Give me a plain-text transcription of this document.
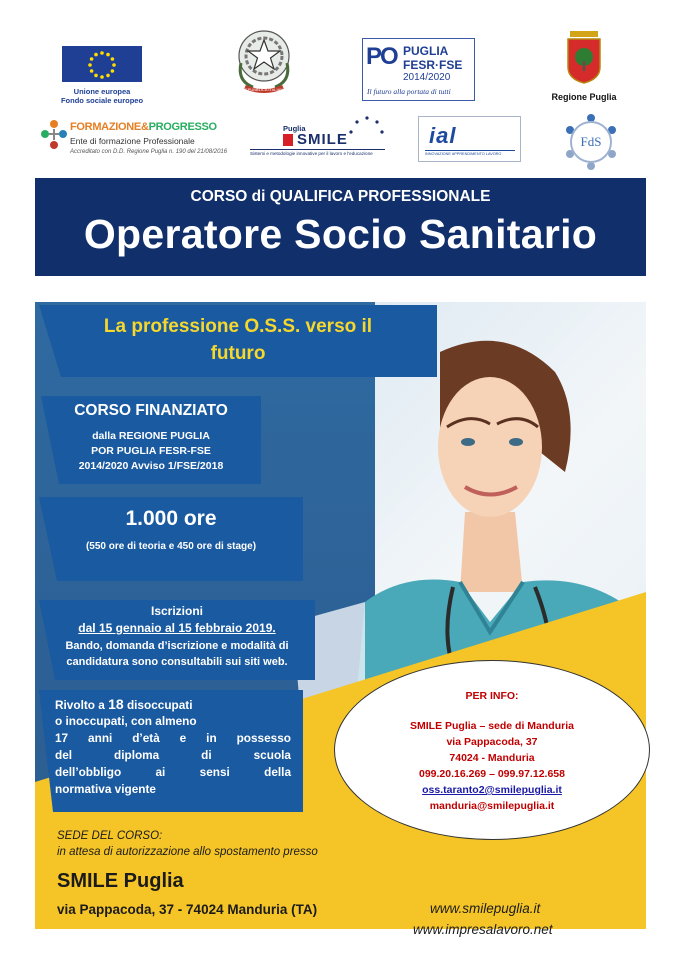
Unione europea
Fondo sociale europeo
REPUBBLICA ITALIANA
PO PUGLIA
FESR·FSE
2014/2020
Il futuro alla portata di tutti
Regione Puglia
FORMAZIONE&PROGRESSO
Ente di formazione Professionale
Accreditato con D.D. Regione Puglia n. 190 del 21/08/2016
Puglia
SMILE
Sistemi e metodologie innovative per il lavoro e l'educazione
ial
INNOVAZIONE APPRENDIMENTO LAVORO
FdS
CORSO di QUALIFICA PROFESSIONALE
Operatore Socio Sanitario
La professione O.S.S. verso il
futuro
CORSO FINANZIATO
dalla REGIONE PUGLIA
POR PUGLIA FESR-FSE
2014/2020 Avviso 1/FSE/2018
1.000 ore
(550 ore di teoria e 450 ore di stage)
Iscrizioni
dal 15 gennaio al 15 febbraio 2019.
Bando, domanda d’iscrizione e modalità di
candidatura sono consultabili sui siti web.
Rivolto a 18 disoccupati
o inoccupati, con almeno
17 anni d’età e in possesso
del diploma di scuola
dell’obbligo ai sensi della
normativa vigente
PER INFO:
SMILE Puglia – sede di Manduria
via Pappacoda, 37
74024 - Manduria
099.20.16.269 – 099.97.12.658
oss.taranto2@smilepuglia.it
manduria@smilepuglia.it
SEDE DEL CORSO:
in attesa di autorizzazione allo spostamento presso
SMILE Puglia
via Pappacoda, 37 - 74024 Manduria (TA)	www.smilepuglia.it
www.impresalavoro.net
